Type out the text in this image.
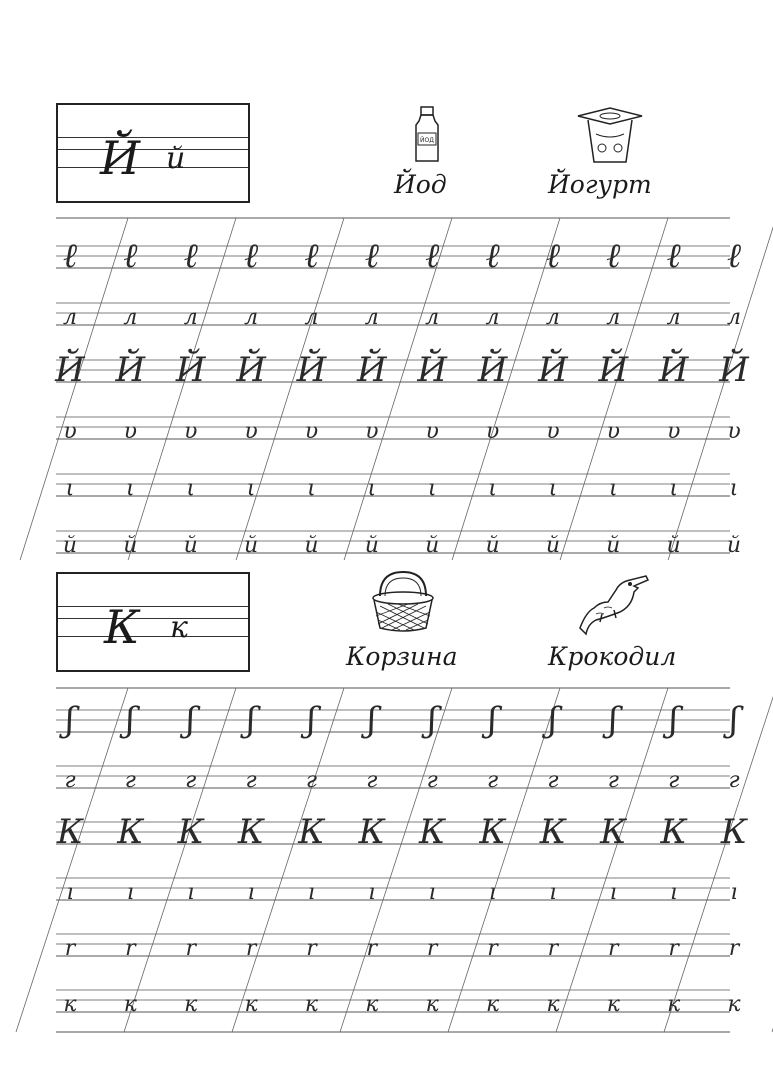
Й й
ЙОД
Йод	Йогурт
ℓ ℓ ℓ ℓ ℓ ℓ ℓ ℓ ℓ ℓ ℓ ℓ
л л л л л л л л л л л л
Й Й Й Й Й Й Й Й Й Й Й Й
υ υ υ υ υ υ υ υ υ υ υ υ
ι ι ι ι ι ι ι ι ι ι ι ι
й й й й й й й й й й й й
К к
Корзина	Крокодил
ʃ ʃ ʃ ʃ ʃ ʃ ʃ ʃ ʃ ʃ ʃ ʃ
г г г г г г г г г г г г
К К К К К К К К К К К К
ı ı ı ı ı ı ı ı ı ı ı ı
r r r r r r r r r r r r
к к к к к к к к к к к к
